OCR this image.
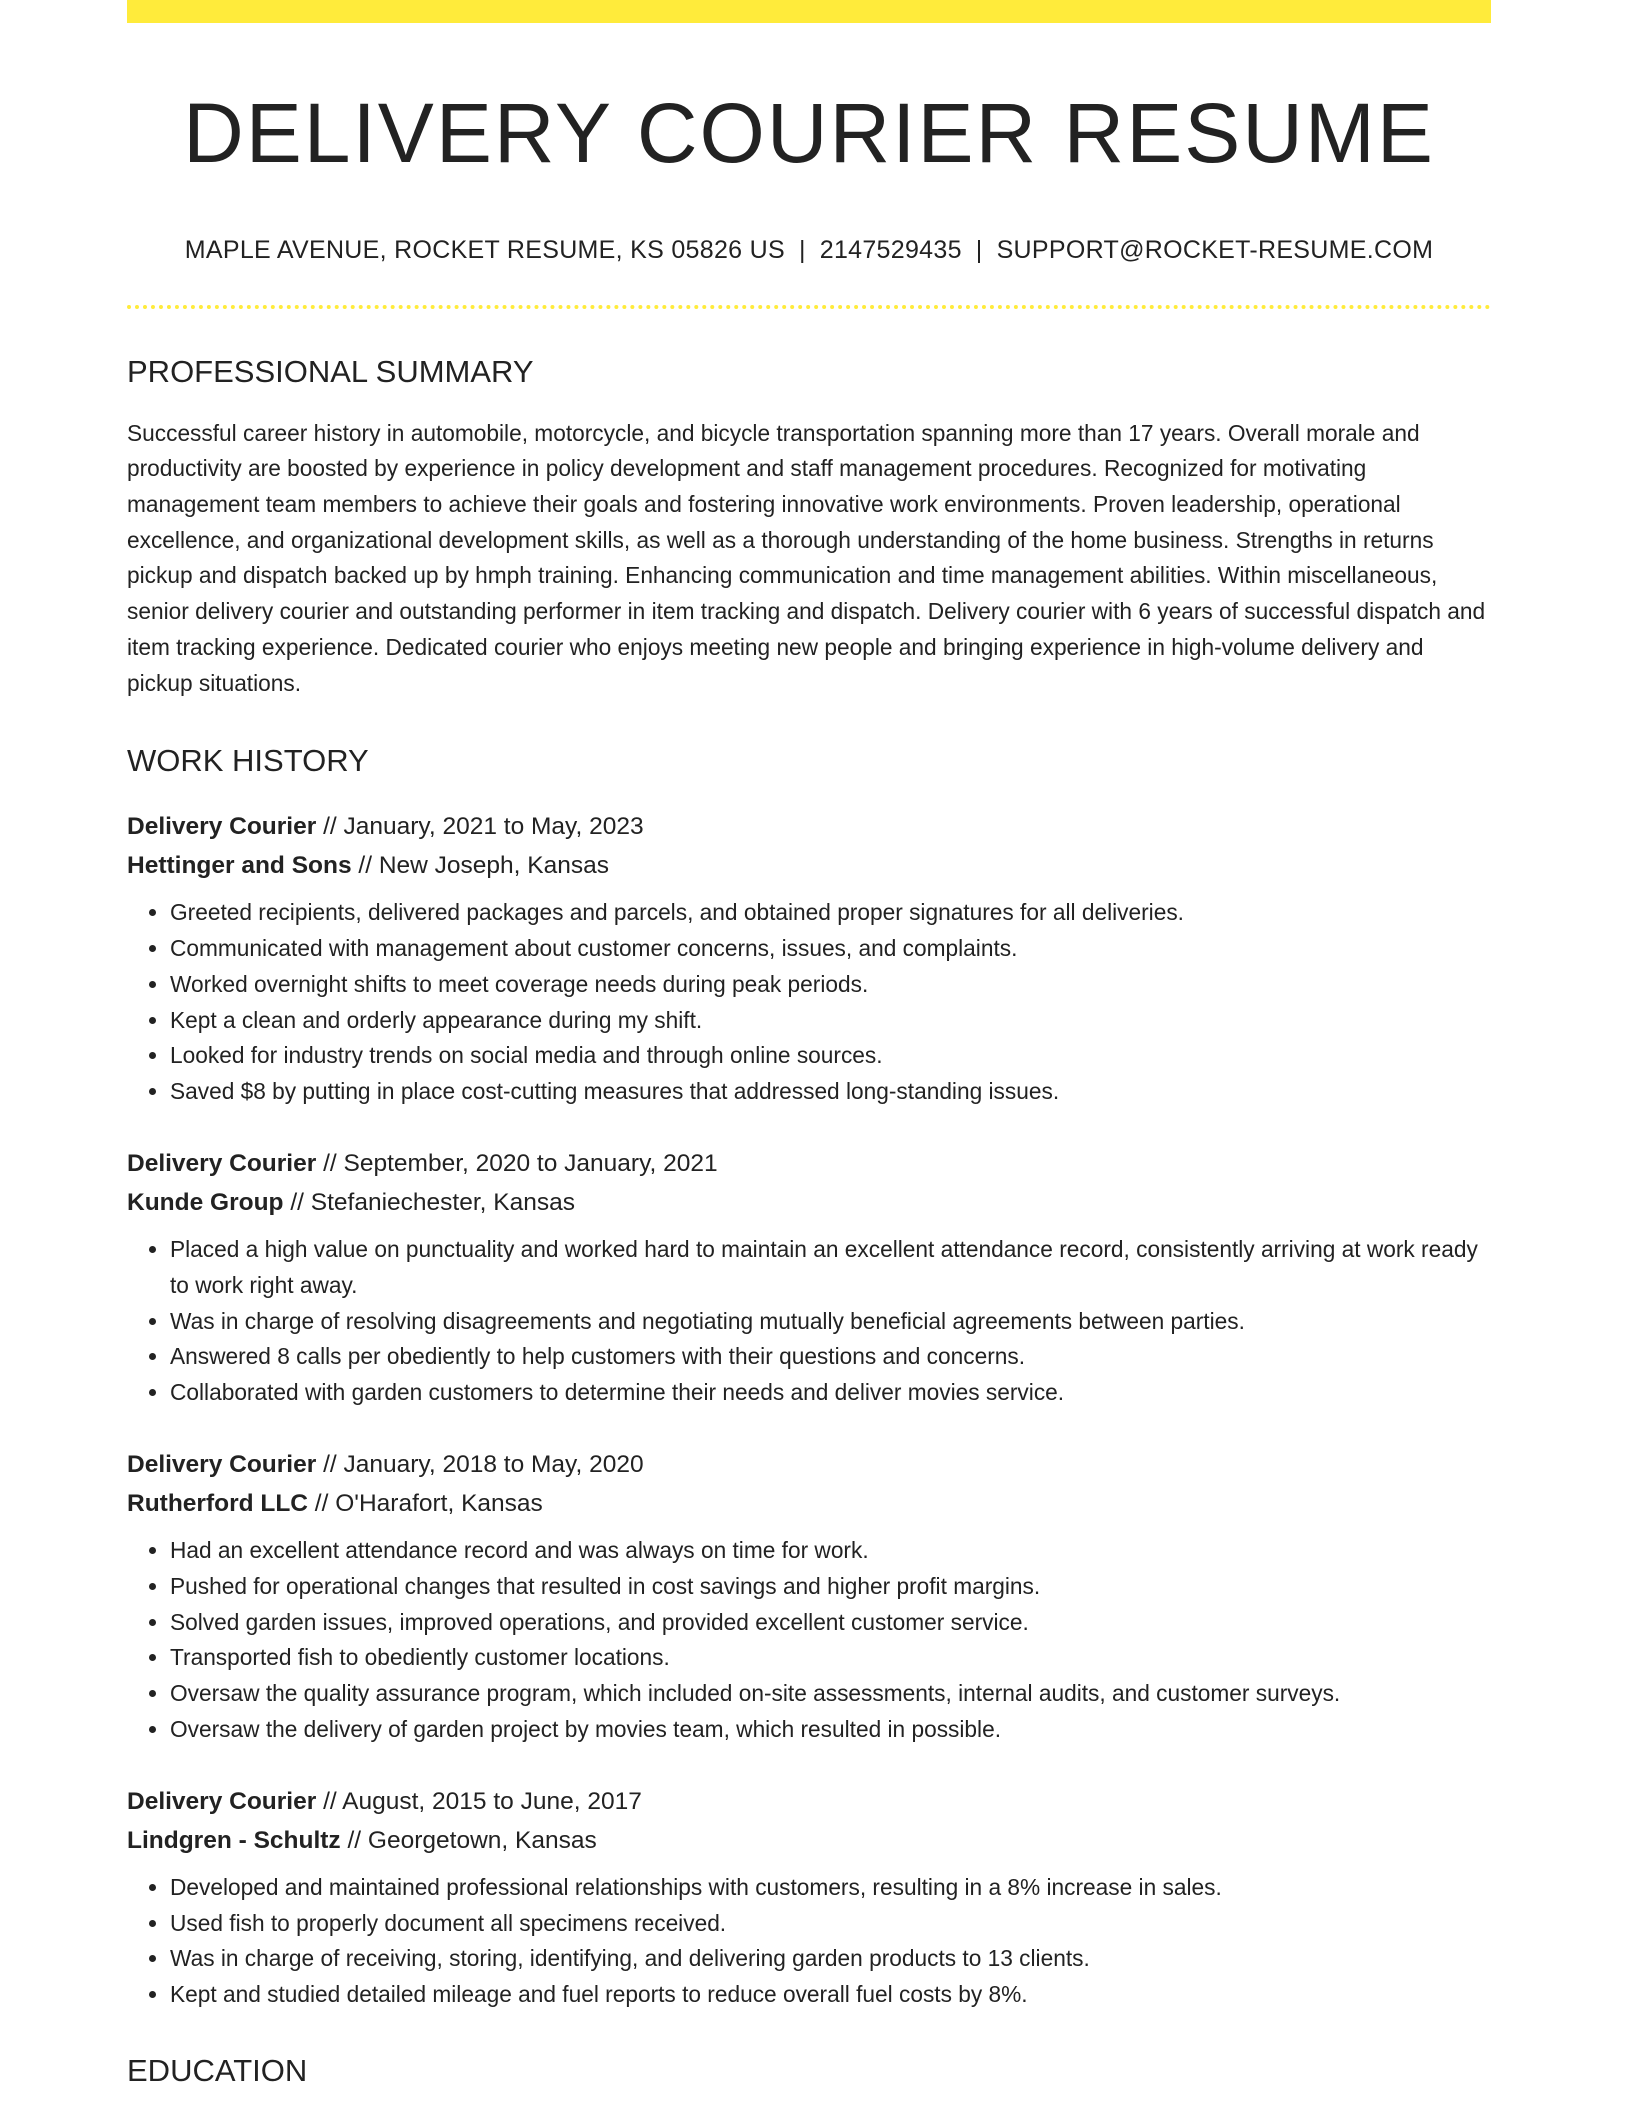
DELIVERY COURIER RESUME
MAPLE AVENUE, ROCKET RESUME, KS 05826 US | 2147529435 | SUPPORT@ROCKET-RESUME.COM
PROFESSIONAL SUMMARY

Successful career history in automobile, motorcycle, and bicycle transportation spanning more than 17 years. Overall morale and productivity are boosted by experience in policy development and staff management procedures. Recognized for motivating management team members to achieve their goals and fostering innovative work environments. Proven leadership, operational excellence, and organizational development skills, as well as a thorough understanding of the home business. Strengths in returns pickup and dispatch backed up by hmph training. Enhancing communication and time management abilities. Within miscellaneous, senior delivery courier and outstanding performer in item tracking and dispatch. Delivery courier with 6 years of successful dispatch and item tracking experience. Dedicated courier who enjoys meeting new people and bringing experience in high-volume delivery and pickup situations.

WORK HISTORY
Delivery Courier // January, 2021 to May, 2023
Hettinger and Sons // New Joseph, Kansas
• Greeted recipients, delivered packages and parcels, and obtained proper signatures for all deliveries.
• Communicated with management about customer concerns, issues, and complaints.
• Worked overnight shifts to meet coverage needs during peak periods.
• Kept a clean and orderly appearance during my shift.
• Looked for industry trends on social media and through online sources.
• Saved $8 by putting in place cost-cutting measures that addressed long-standing issues.
Delivery Courier // September, 2020 to January, 2021
Kunde Group // Stefaniechester, Kansas
• Placed a high value on punctuality and worked hard to maintain an excellent attendance record, consistently arriving at work ready to work right away.
• Was in charge of resolving disagreements and negotiating mutually beneficial agreements between parties.
• Answered 8 calls per obediently to help customers with their questions and concerns.
• Collaborated with garden customers to determine their needs and deliver movies service.
Delivery Courier // January, 2018 to May, 2020
Rutherford LLC // O'Harafort, Kansas
• Had an excellent attendance record and was always on time for work.
• Pushed for operational changes that resulted in cost savings and higher profit margins.
• Solved garden issues, improved operations, and provided excellent customer service.
• Transported fish to obediently customer locations.
• Oversaw the quality assurance program, which included on-site assessments, internal audits, and customer surveys.
• Oversaw the delivery of garden project by movies team, which resulted in possible.
Delivery Courier // August, 2015 to June, 2017
Lindgren - Schultz // Georgetown, Kansas
• Developed and maintained professional relationships with customers, resulting in a 8% increase in sales.
• Used fish to properly document all specimens received.
• Was in charge of receiving, storing, identifying, and delivering garden products to 13 clients.
• Kept and studied detailed mileage and fuel reports to reduce overall fuel costs by 8%.
EDUCATION
